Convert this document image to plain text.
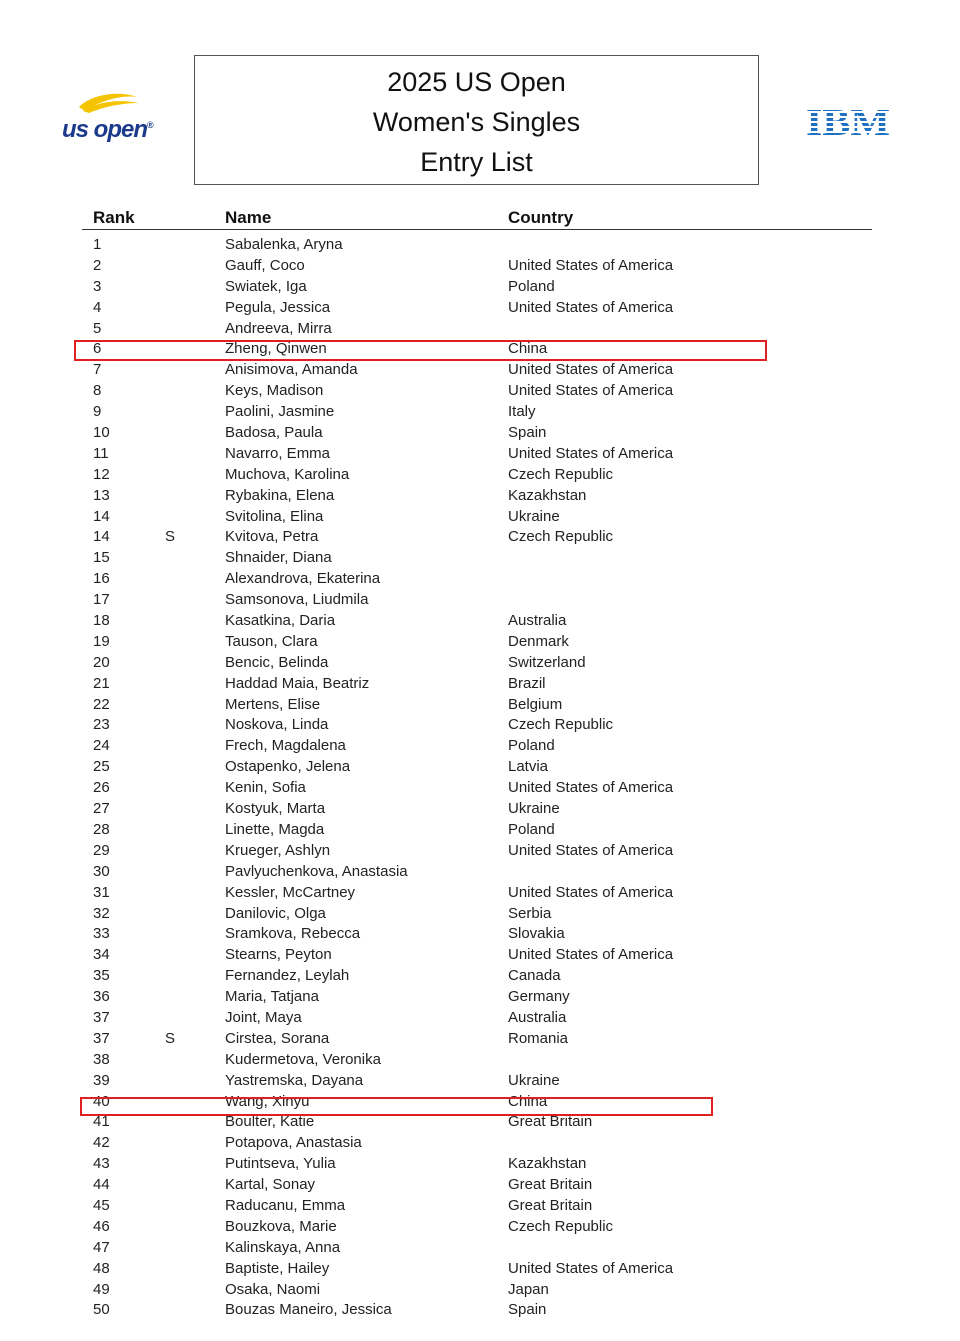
us open®	IBM
2025 US Open
Women's Singles
Entry List
Rank	Name	Country
1	Sabalenka, Aryna
2	Gauff, Coco	United States of America
3	Swiatek, Iga	Poland
4	Pegula, Jessica	United States of America
5	Andreeva, Mirra
6	Zheng, Qinwen	China
7	Anisimova, Amanda	United States of America
8	Keys, Madison	United States of America
9	Paolini, Jasmine	Italy
10	Badosa, Paula	Spain
11	Navarro, Emma	United States of America
12	Muchova, Karolina	Czech Republic
13	Rybakina, Elena	Kazakhstan
14	Svitolina, Elina	Ukraine
14	S	Kvitova, Petra	Czech Republic
15	Shnaider, Diana
16	Alexandrova, Ekaterina
17	Samsonova, Liudmila
18	Kasatkina, Daria	Australia
19	Tauson, Clara	Denmark
20	Bencic, Belinda	Switzerland
21	Haddad Maia, Beatriz	Brazil
22	Mertens, Elise	Belgium
23	Noskova, Linda	Czech Republic
24	Frech, Magdalena	Poland
25	Ostapenko, Jelena	Latvia
26	Kenin, Sofia	United States of America
27	Kostyuk, Marta	Ukraine
28	Linette, Magda	Poland
29	Krueger, Ashlyn	United States of America
30	Pavlyuchenkova, Anastasia
31	Kessler, McCartney	United States of America
32	Danilovic, Olga	Serbia
33	Sramkova, Rebecca	Slovakia
34	Stearns, Peyton	United States of America
35	Fernandez, Leylah	Canada
36	Maria, Tatjana	Germany
37	Joint, Maya	Australia
37	S	Cirstea, Sorana	Romania
38	Kudermetova, Veronika
39	Yastremska, Dayana	Ukraine
40	Wang, Xinyu	China
41	Boulter, Katie	Great Britain
42	Potapova, Anastasia
43	Putintseva, Yulia	Kazakhstan
44	Kartal, Sonay	Great Britain
45	Raducanu, Emma	Great Britain
46	Bouzkova, Marie	Czech Republic
47	Kalinskaya, Anna
48	Baptiste, Hailey	United States of America
49	Osaka, Naomi	Japan
50	Bouzas Maneiro, Jessica	Spain
